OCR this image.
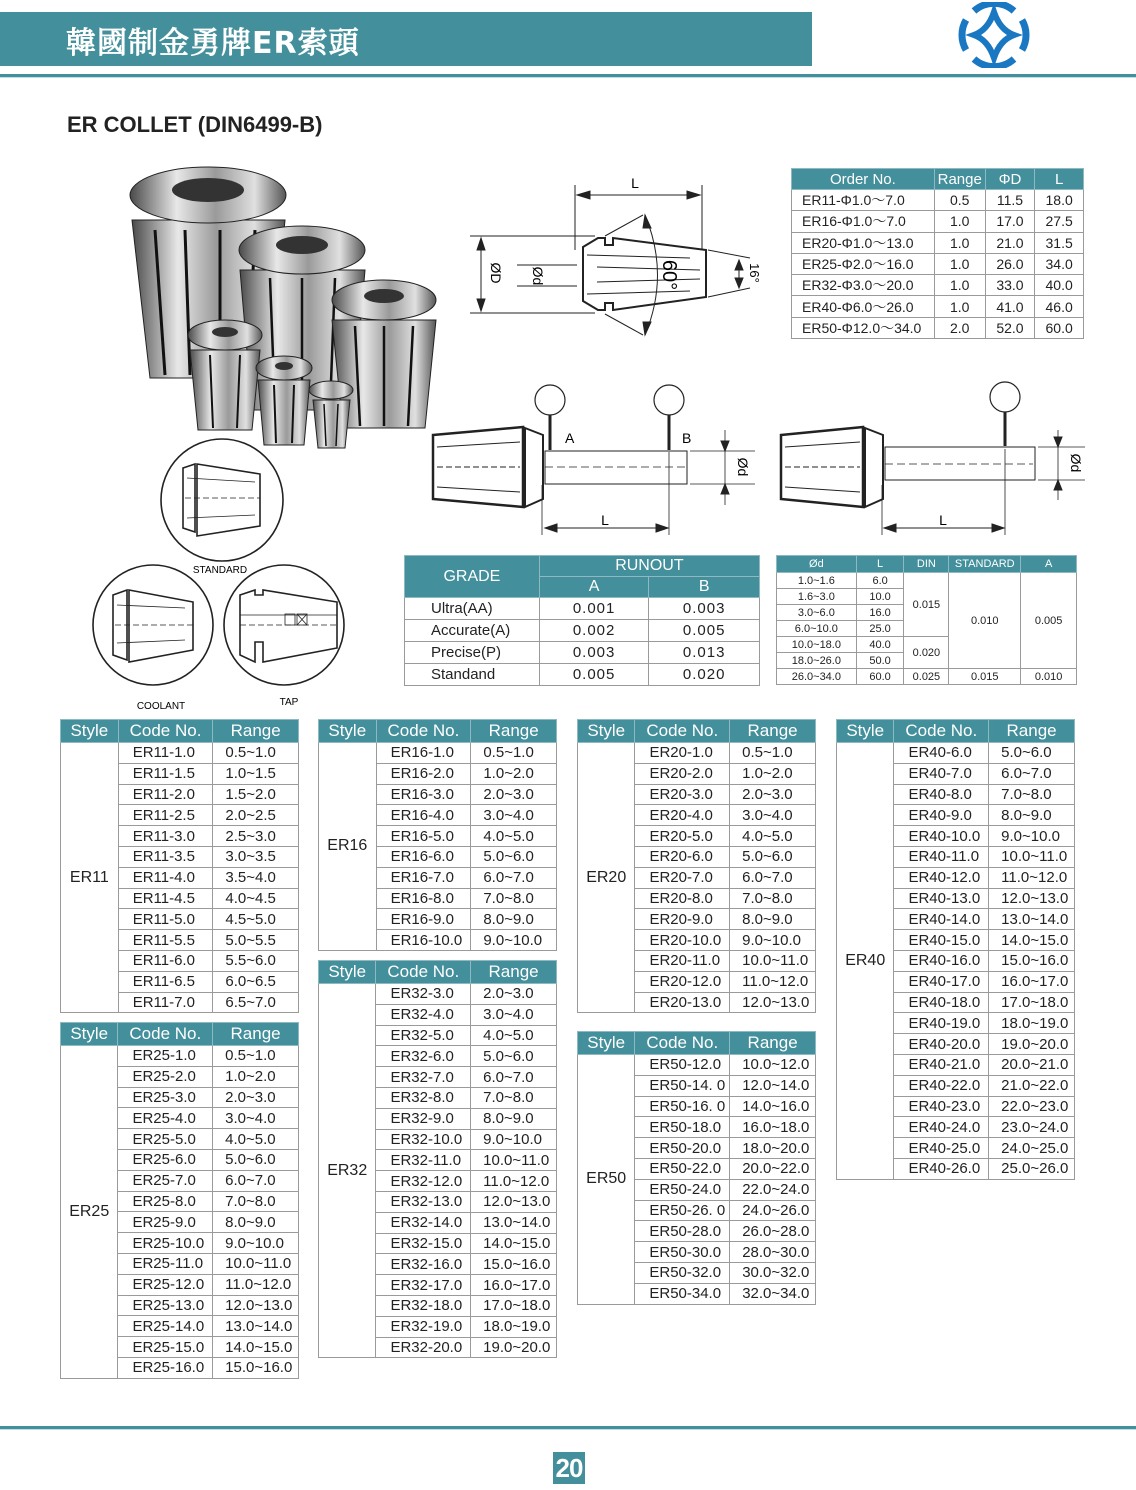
韓國制金勇牌ER索頭
ER COLLET (DIN6499-B)
L
ØD Ød	60°	16°
A	B
L
Ød
L
Ød
STANDARD
COOLANT	TAP
Order No.	Range	ΦD	L
ER11-Φ1.0～7.0	0.5	11.5	18.0
ER16-Φ1.0～7.0	1.0	17.0	27.5
ER20-Φ1.0～13.0	1.0	21.0	31.5
ER25-Φ2.0～16.0	1.0	26.0	34.0
ER32-Φ3.0～20.0	1.0	33.0	40.0
ER40-Φ6.0～26.0	1.0	41.0	46.0
ER50-Φ12.0～34.0	2.0	52.0	60.0
GRADE	RUNOUT	
	A	B
Ultra(AA)	0.001	0.003
Accurate(A)	0.002	0.005
Precise(P)	0.003	0.013
Standand	0.005	0.020
Ød	L	DIN	STANDARD	A
1.0~1.6	6.0	0.015	0.010	0.005
1.6~3.0	10.0			
3.0~6.0	16.0			
6.0~10.0	25.0			
10.0~18.0	40.0	0.020		
18.0~26.0	50.0			
26.0~34.0	60.0	0.025	0.015	0.010
Style	Code No.	Range
ER11	ER11-1.0	0.5~1.0
	ER11-1.5	1.0~1.5
	ER11-2.0	1.5~2.0
	ER11-2.5	2.0~2.5
	ER11-3.0	2.5~3.0
	ER11-3.5	3.0~3.5
	ER11-4.0	3.5~4.0
	ER11-4.5	4.0~4.5
	ER11-5.0	4.5~5.0
	ER11-5.5	5.0~5.5
	ER11-6.0	5.5~6.0
	ER11-6.5	6.0~6.5
	ER11-7.0	6.5~7.0
Style	Code No.	Range
ER25	ER25-1.0	0.5~1.0
	ER25-2.0	1.0~2.0
	ER25-3.0	2.0~3.0
	ER25-4.0	3.0~4.0
	ER25-5.0	4.0~5.0
	ER25-6.0	5.0~6.0
	ER25-7.0	6.0~7.0
	ER25-8.0	7.0~8.0
	ER25-9.0	8.0~9.0
	ER25-10.0	9.0~10.0
	ER25-11.0	10.0~11.0
	ER25-12.0	11.0~12.0
	ER25-13.0	12.0~13.0
	ER25-14.0	13.0~14.0
	ER25-15.0	14.0~15.0
	ER25-16.0	15.0~16.0
Style	Code No.	Range
ER16	ER16-1.0	0.5~1.0
	ER16-2.0	1.0~2.0
	ER16-3.0	2.0~3.0
	ER16-4.0	3.0~4.0
	ER16-5.0	4.0~5.0
	ER16-6.0	5.0~6.0
	ER16-7.0	6.0~7.0
	ER16-8.0	7.0~8.0
	ER16-9.0	8.0~9.0
	ER16-10.0	9.0~10.0
Style	Code No.	Range
ER32	ER32-3.0	2.0~3.0
	ER32-4.0	3.0~4.0
	ER32-5.0	4.0~5.0
	ER32-6.0	5.0~6.0
	ER32-7.0	6.0~7.0
	ER32-8.0	7.0~8.0
	ER32-9.0	8.0~9.0
	ER32-10.0	9.0~10.0
	ER32-11.0	10.0~11.0
	ER32-12.0	11.0~12.0
	ER32-13.0	12.0~13.0
	ER32-14.0	13.0~14.0
	ER32-15.0	14.0~15.0
	ER32-16.0	15.0~16.0
	ER32-17.0	16.0~17.0
	ER32-18.0	17.0~18.0
	ER32-19.0	18.0~19.0
	ER32-20.0	19.0~20.0
Style	Code No.	Range
ER20	ER20-1.0	0.5~1.0
	ER20-2.0	1.0~2.0
	ER20-3.0	2.0~3.0
	ER20-4.0	3.0~4.0
	ER20-5.0	4.0~5.0
	ER20-6.0	5.0~6.0
	ER20-7.0	6.0~7.0
	ER20-8.0	7.0~8.0
	ER20-9.0	8.0~9.0
	ER20-10.0	9.0~10.0
	ER20-11.0	10.0~11.0
	ER20-12.0	11.0~12.0
	ER20-13.0	12.0~13.0
Style	Code No.	Range
ER50	ER50-12.0	10.0~12.0
	ER50-14. 0	12.0~14.0
	ER50-16. 0	14.0~16.0
	ER50-18.0	16.0~18.0
	ER50-20.0	18.0~20.0
	ER50-22.0	20.0~22.0
	ER50-24.0	22.0~24.0
	ER50-26. 0	24.0~26.0
	ER50-28.0	26.0~28.0
	ER50-30.0	28.0~30.0
	ER50-32.0	30.0~32.0
	ER50-34.0	32.0~34.0
Style	Code No.	Range
ER40	ER40-6.0	5.0~6.0
	ER40-7.0	6.0~7.0
	ER40-8.0	7.0~8.0
	ER40-9.0	8.0~9.0
	ER40-10.0	9.0~10.0
	ER40-11.0	10.0~11.0
	ER40-12.0	11.0~12.0
	ER40-13.0	12.0~13.0
	ER40-14.0	13.0~14.0
	ER40-15.0	14.0~15.0
	ER40-16.0	15.0~16.0
	ER40-17.0	16.0~17.0
	ER40-18.0	17.0~18.0
	ER40-19.0	18.0~19.0
	ER40-20.0	19.0~20.0
	ER40-21.0	20.0~21.0
	ER40-22.0	21.0~22.0
	ER40-23.0	22.0~23.0
	ER40-24.0	23.0~24.0
	ER40-25.0	24.0~25.0
	ER40-26.0	25.0~26.0
20
